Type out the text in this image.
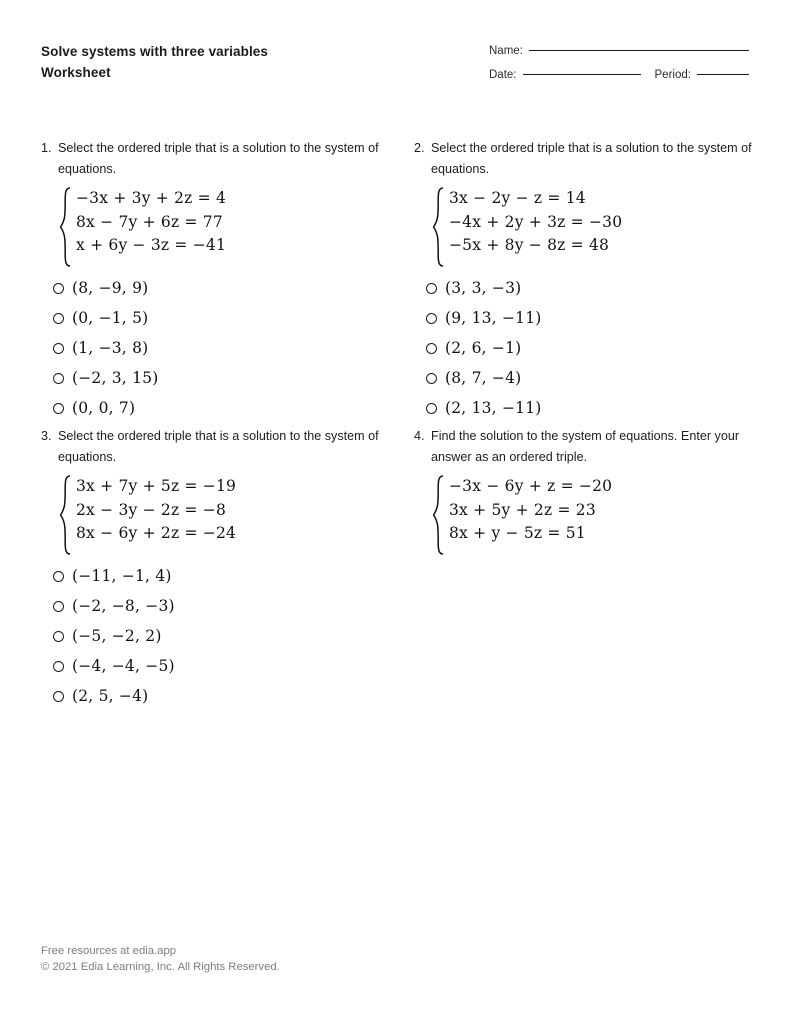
Solve systems with three variables
Worksheet
Name:
Date:	Period:
1. Select the ordered triple that is a solution to the system of equations.
−3x + 3y + 2z = 4
8x − 7y + 6z = 77
x + 6y − 3z = −41
(8, −9, 9)
(0, −1, 5)
(1, −3, 8)
(−2, 3, 15)
(0, 0, 7)
2. Select the ordered triple that is a solution to the system of equations.
3x − 2y − z = 14
−4x + 2y + 3z = −30
−5x + 8y − 8z = 48
(3, 3, −3)
(9, 13, −11)
(2, 6, −1)
(8, 7, −4)
(2, 13, −11)
3. Select the ordered triple that is a solution to the system of equations.
3x + 7y + 5z = −19
2x − 3y − 2z = −8
8x − 6y + 2z = −24
(−11, −1, 4)
(−2, −8, −3)
(−5, −2, 2)
(−4, −4, −5)
(2, 5, −4)
4. Find the solution to the system of equations. Enter your answer as an ordered triple.
−3x − 6y + z = −20
3x + 5y + 2z = 23
8x + y − 5z = 51
Free resources at edia.app
© 2021 Edia Learning, Inc. All Rights Reserved.
